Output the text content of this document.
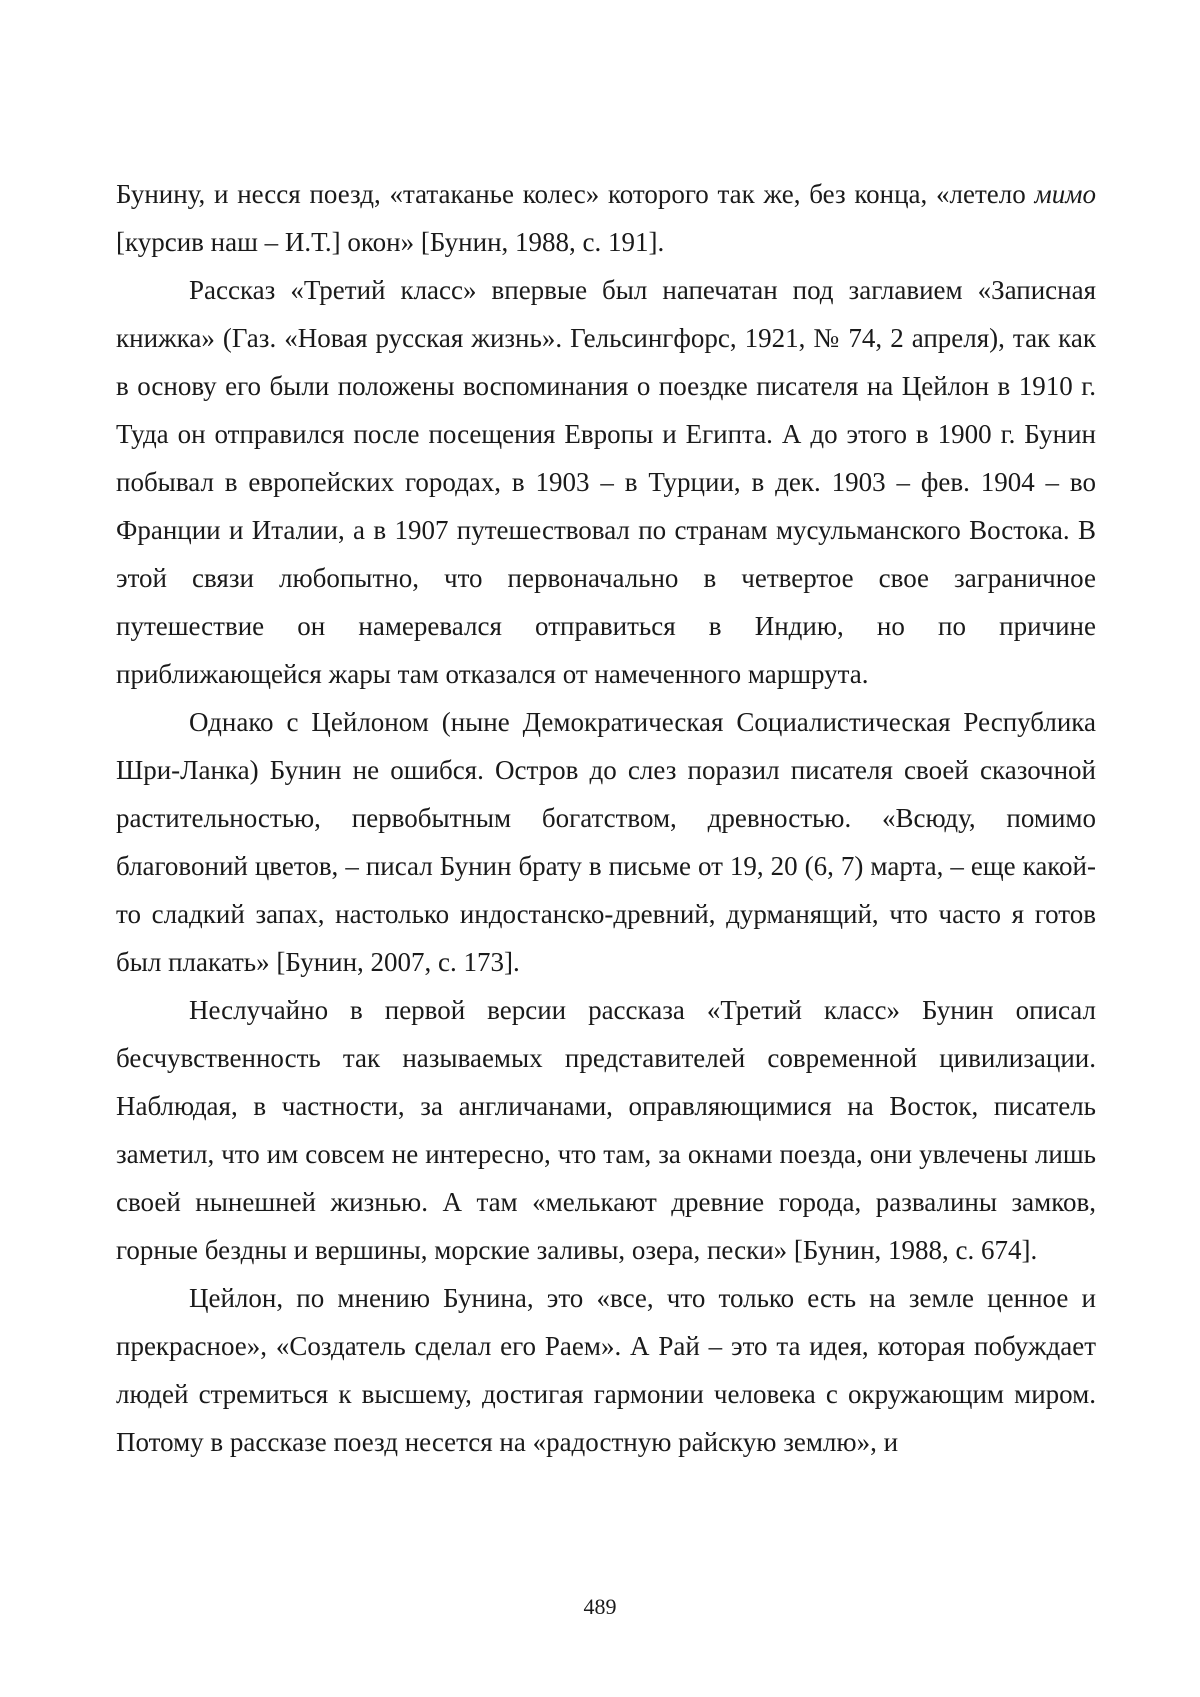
Бунину, и несся поезд, «татаканье колес» которого так же, без конца, «летело мимо [курсив наш – И.Т.] окон» [Бунин, 1988, с. 191].

Рассказ «Третий класс» впервые был напечатан под заглавием «Записная книжка» (Газ. «Новая русская жизнь». Гельсингфорс, 1921, № 74, 2 апреля), так как в основу его были положены воспоминания о поездке писателя на Цейлон в 1910 г. Туда он отправился после посещения Европы и Египта. А до этого в 1900 г. Бунин побывал в европейских городах, в 1903 – в Турции, в дек. 1903 – фев. 1904 – во Франции и Италии, а в 1907 путешествовал по странам мусульманского Востока. В этой связи любопытно, что первоначально в четвертое свое заграничное путешествие он намеревался отправиться в Индию, но по причине приближающейся жары там отказался от намеченного маршрута.

Однако с Цейлоном (ныне Демократическая Социалистическая Республика Шри-Ланка) Бунин не ошибся. Остров до слез поразил писателя своей сказочной растительностью, первобытным богатством, древностью. «Всюду, помимо благовоний цветов, – писал Бунин брату в письме от 19, 20 (6, 7) марта, – еще какой-то сладкий запах, настолько индостанско-древний, дурманящий, что часто я готов был плакать» [Бунин, 2007, с. 173].

Неслучайно в первой версии рассказа «Третий класс» Бунин описал бесчувственность так называемых представителей современной цивилизации. Наблюдая, в частности, за англичанами, оправляющимися на Восток, писатель заметил, что им совсем не интересно, что там, за окнами поезда, они увлечены лишь своей нынешней жизнью. А там «мелькают древние города, развалины замков, горные бездны и вершины, морские заливы, озера, пески» [Бунин, 1988, с. 674].

Цейлон, по мнению Бунина, это «все, что только есть на земле ценное и прекрасное», «Создатель сделал его Раем». А Рай – это та идея, которая побуждает людей стремиться к высшему, достигая гармонии человека с окружающим миром. Потому в рассказе поезд несется на «радостную райскую землю», и

489
